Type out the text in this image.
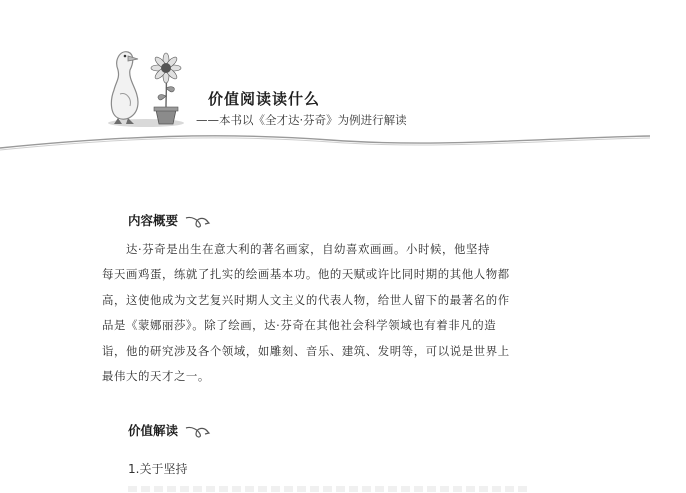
价值阅读读什么
——本书以《全才达·芬奇》为例进行解读
内容概要
达·芬奇是出生在意大利的著名画家，自幼喜欢画画。小时候，他坚持
每天画鸡蛋，练就了扎实的绘画基本功。他的天赋或许比同时期的其他人物都
高，这使他成为文艺复兴时期人文主义的代表人物，给世人留下的最著名的作
品是《蒙娜丽莎》。除了绘画，达·芬奇在其他社会科学领域也有着非凡的造
诣，他的研究涉及各个领域，如雕刻、音乐、建筑、发明等，可以说是世界上
最伟大的天才之一。
价值解读
1.关于坚持
